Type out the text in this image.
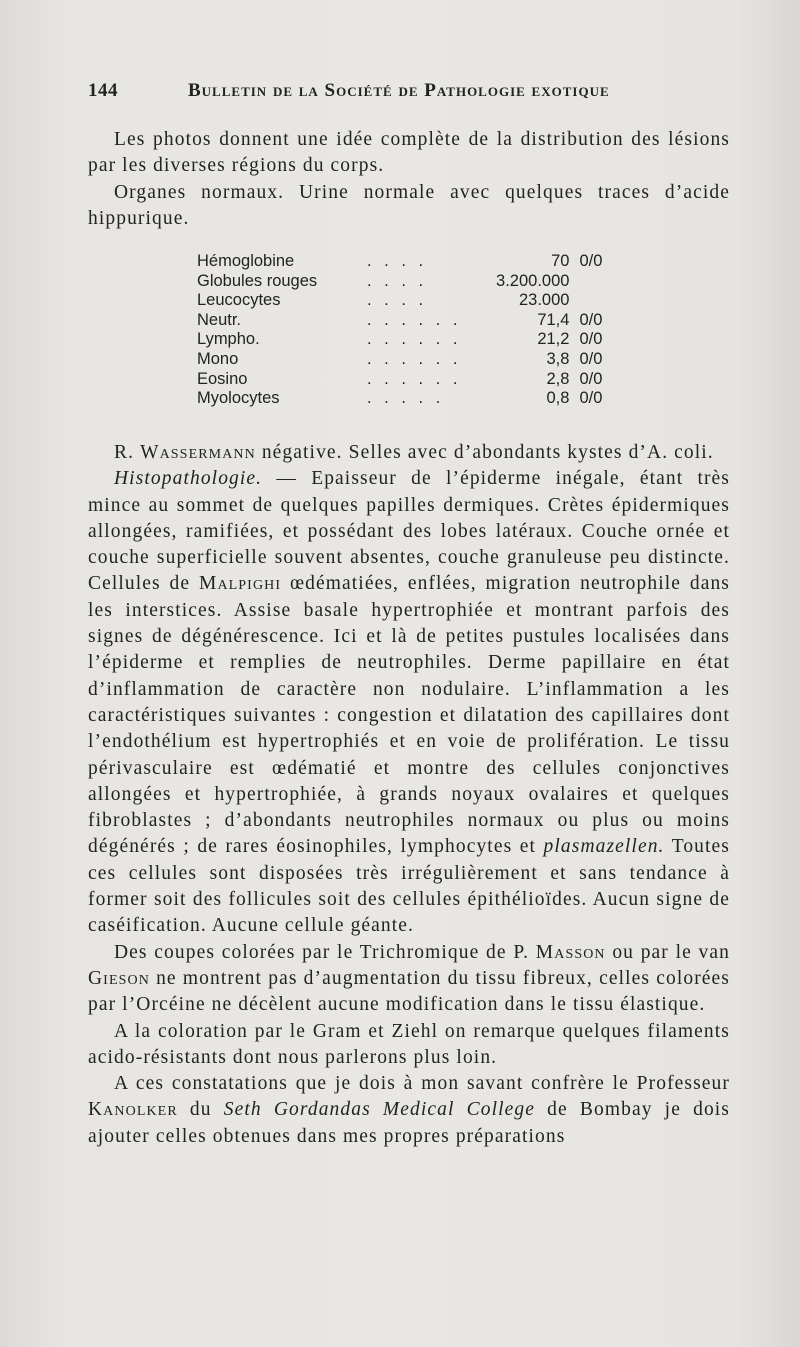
144	Bulletin de la Société de Pathologie exotique

Les photos donnent une idée complète de la distribution des lésions par les diverses régions du corps.

Organes normaux. Urine normale avec quelques traces d’acide hippurique.

Hémoglobine	. . . .	70	0/0
Globules rouges	. . . .	3.200.000	
Leucocytes	. . . .	23.000	
Neutr.	. . . . . .	71,4	0/0
Lympho.	. . . . . .	21,2	0/0
Mono	. . . . . .	3,8	0/0
Eosino	. . . . . .	2,8	0/0
Myolocytes	. . . . .	0,8	0/0

R. Wassermann négative. Selles avec d’abondants kystes d’A. coli.

Histopathologie. — Epaisseur de l’épiderme inégale, étant très mince au sommet de quelques papilles dermiques. Crètes épidermiques allongées, ramifiées, et possédant des lobes latéraux. Couche ornée et couche superficielle souvent absentes, couche granuleuse peu distincte. Cellules de Malpighi œdématiées, enflées, migration neutrophile dans les interstices. Assise basale hypertrophiée et montrant parfois des signes de dégénérescence. Ici et là de petites pustules localisées dans l’épiderme et remplies de neutrophiles. Derme papillaire en état d’inflammation de caractère non nodulaire. L’inflammation a les caractéristiques suivantes : congestion et dilatation des capillaires dont l’endothélium est hypertrophiés et en voie de prolifération. Le tissu périvasculaire est œdématié et montre des cellules conjonctives allongées et hypertrophiée, à grands noyaux ovalaires et quelques fibroblastes ; d’abondants neutrophiles normaux ou plus ou moins dégénérés ; de rares éosinophiles, lymphocytes et plasmazellen. Toutes ces cellules sont disposées très irrégulièrement et sans tendance à former soit des follicules soit des cellules épithélioïdes. Aucun signe de caséification. Aucune cellule géante.

Des coupes colorées par le Trichromique de P. Masson ou par le van Gieson ne montrent pas d’augmentation du tissu fibreux, celles colorées par l’Orcéine ne décèlent aucune modification dans le tissu élastique.

A la coloration par le Gram et Ziehl on remarque quelques filaments acido-résistants dont nous parlerons plus loin.

A ces constatations que je dois à mon savant confrère le Professeur Kanolker du Seth Gordandas Medical College de Bombay je dois ajouter celles obtenues dans mes propres préparations
